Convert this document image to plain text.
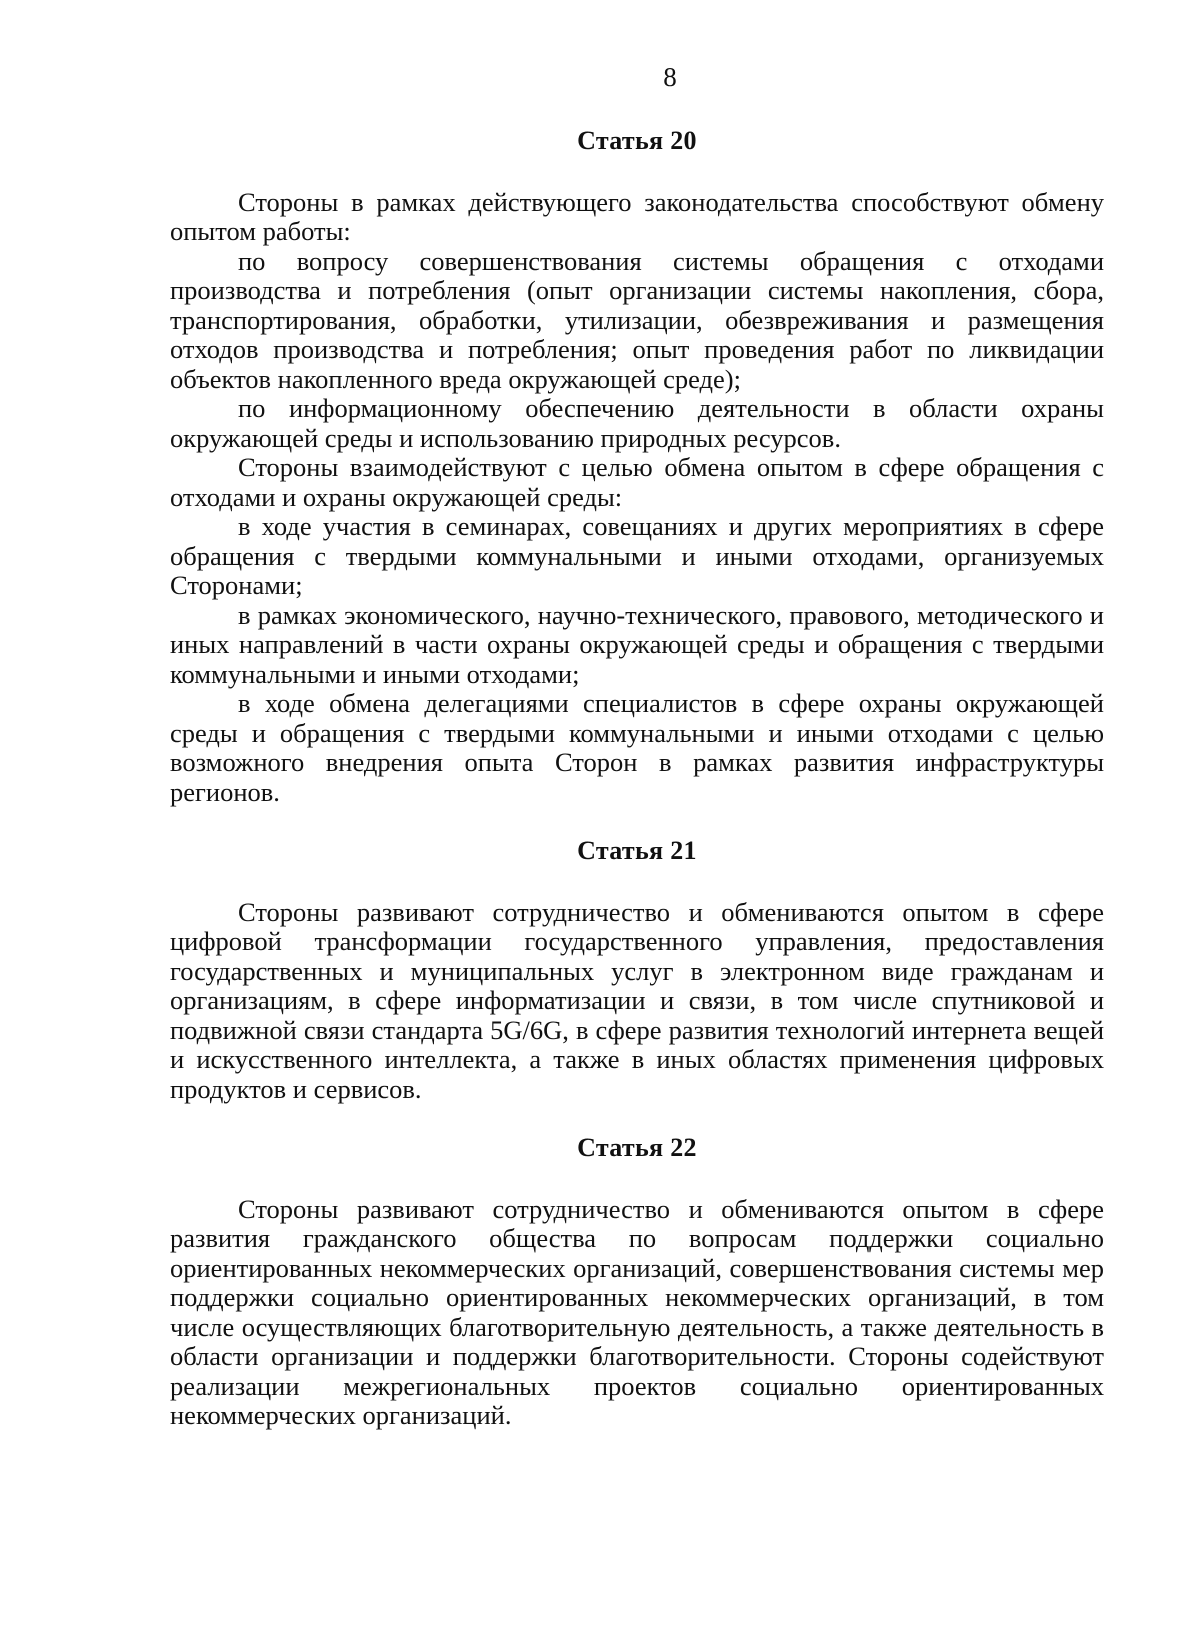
8
Статья 20

Стороны в рамках действующего законодательства способствуют обмену опытом работы:

по вопросу совершенствования системы обращения с отходами производства и потребления (опыт организации системы накопления, сбора, транспортирования, обработки, утилизации, обезвреживания и размещения отходов производства и потребления; опыт проведения работ по ликвидации объектов накопленного вреда окружающей среде);

по информационному обеспечению деятельности в области охраны окружающей среды и использованию природных ресурсов.

Стороны взаимодействуют с целью обмена опытом в сфере обращения с отходами и охраны окружающей среды:

в ходе участия в семинарах, совещаниях и других мероприятиях в сфере обращения с твердыми коммунальными и иными отходами, организуемых Сторонами;

в рамках экономического, научно-технического, правового, методического и иных направлений в части охраны окружающей среды и обращения с твердыми коммунальными и иными отходами;

в ходе обмена делегациями специалистов в сфере охраны окружающей среды и обращения с твердыми коммунальными и иными отходами с целью возможного внедрения опыта Сторон в рамках развития инфраструктуры регионов.

Статья 21

Стороны развивают сотрудничество и обмениваются опытом в сфере цифровой трансформации государственного управления, предоставления государственных и муниципальных услуг в электронном виде гражданам и организациям, в сфере информатизации и связи, в том числе спутниковой и подвижной связи стандарта 5G/6G, в сфере развития технологий интернета вещей и искусственного интеллекта, а также в иных областях применения цифровых продуктов и сервисов.

Статья 22

Стороны развивают сотрудничество и обмениваются опытом в сфере развития гражданского общества по вопросам поддержки социально ориентированных некоммерческих организаций, совершенствования системы мер поддержки социально ориентированных некоммерческих организаций, в том числе осуществляющих благотворительную деятельность, а также деятельность в области организации и поддержки благотворительности. Стороны содействуют реализации межрегиональных проектов социально ориентированных некоммерческих организаций.
